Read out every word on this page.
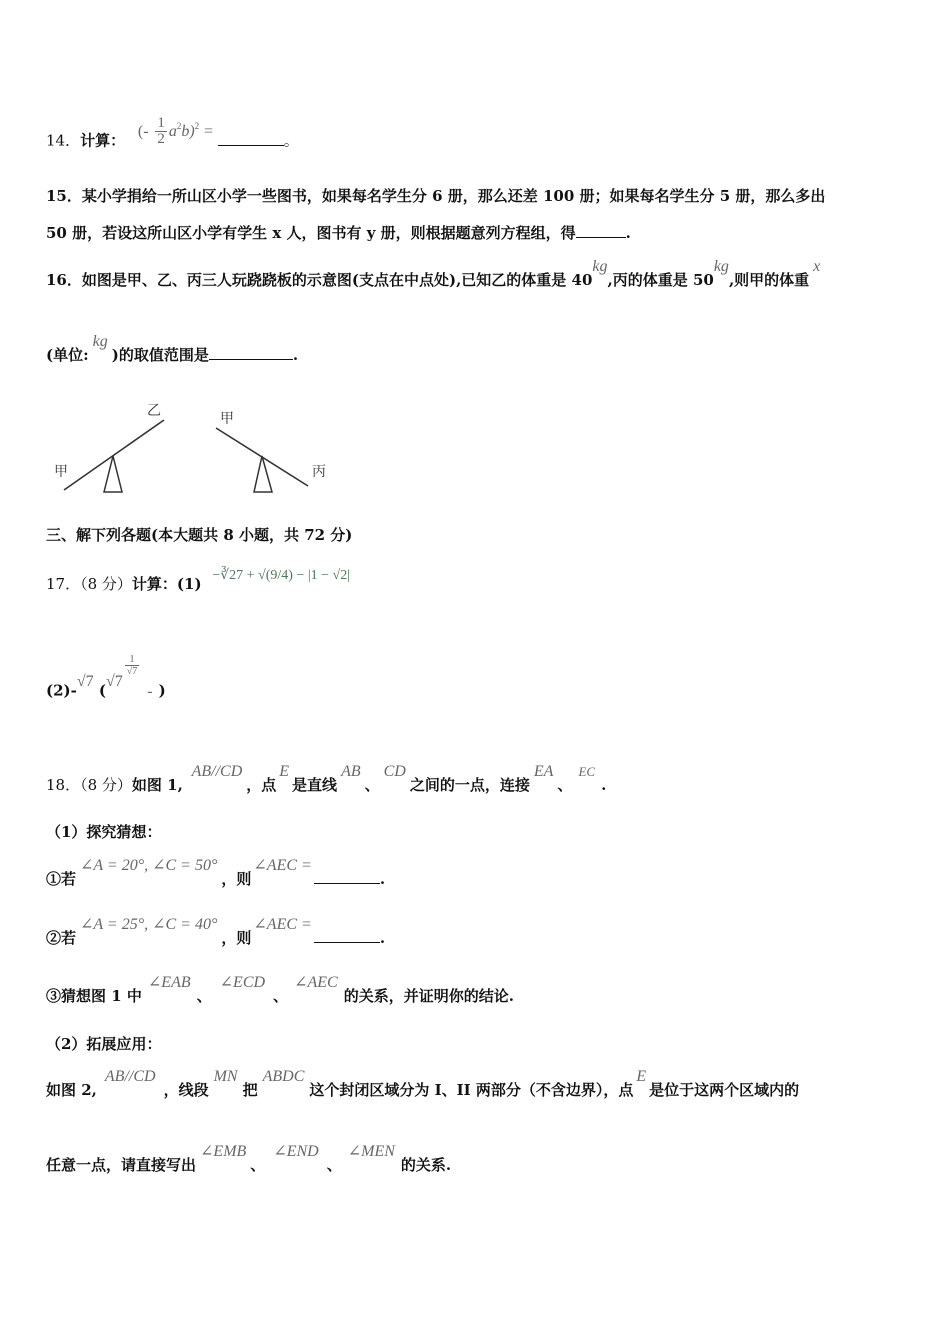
14．计算： (- $\frac{1}{2} a^2b)^2$ = 。
15．某小学捐给一所山区小学一些图书，如果每名学生分 6 册，那么还差 100 册；如果每名学生分 5 册，那么多出
50 册，若设这所山区小学有学生 x 人，图书有 y 册，则根据题意列方程组，得	.
16．如图是甲、乙、丙三人玩跷跷板的示意图(支点在中点处),已知乙的体重是 40kg,丙的体重是 50kg,则甲的体重x
(单位:kg)的取值范围是	.
乙
甲
甲
丙
三、解下列各题(本大题共 8 小题，共 72 分)
17．（8 分）计算：(1) −∛27 + √(9/4) − |1 − √2|
(2)-√7 (√7
$\frac{1}{√7}$
- )
18．（8 分）如图 1, AB//CD，点E是直线AB、CD之间的一点，连接EA、EC.
（1）探究猜想：
①若∠A = 20°, ∠C = 50°，则∠AEC =.
②若∠A = 25°, ∠C = 40°，则∠AEC =.
③猜想图 1 中∠EAB、∠ECD、∠AEC的关系，并证明你的结论.
（2）拓展应用：
如图 2,AB//CD，线段MN把ABDC这个封闭区域分为 I、II 两部分（不含边界），点E是位于这两个区域内的
任意一点，请直接写出∠EMB、∠END、∠MEN的关系.
